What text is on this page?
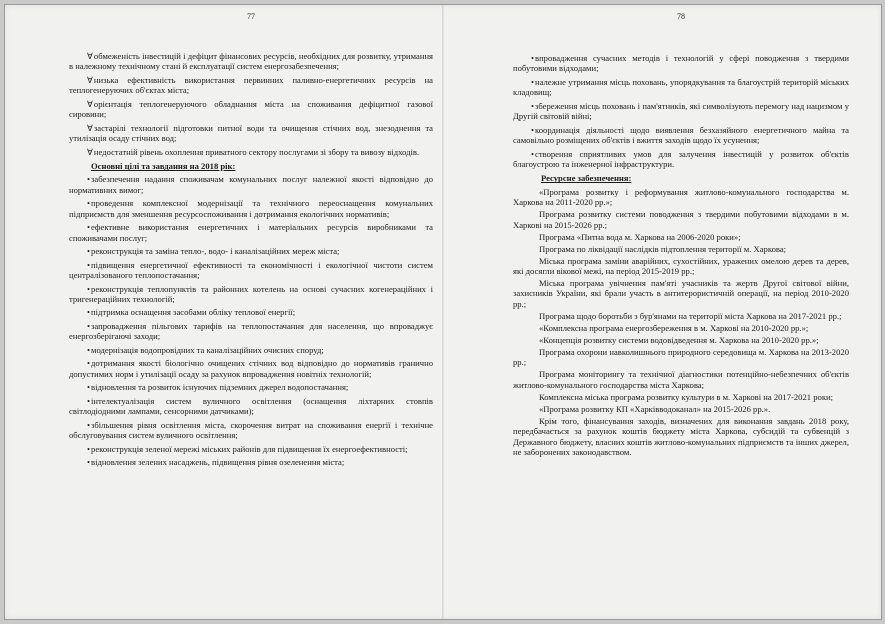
77

∀обмеженість інвестицій і дефіцит фінансових ресурсів, необхідних для розвитку, утримання в належному технічному стані й експлуатації систем енергозабезпечення;

∀низька ефективність використання первинних паливно-енергетичних ресурсів на теплогенеруючих об'єктах міста;

∀орієнтація теплогенеруючого обладнання міста на споживання дефіцитної газової сировини;

∀застарілі технології підготовки питної води та очищення стічних вод, знезоднення та утилізація осаду стічних вод;

∀недостатній рівень охоплення приватного сектору послугами зі збору та вивозу відходів.

Основні цілі та завдання на 2018 рік:

•забезпечення надання споживачам комунальних послуг належної якості відповідно до нормативних вимог;

•проведення комплексної модернізації та технічного переоснащення комунальних підприємств для зменшення ресурсоспоживання і дотримання екологічних нормативів;

•ефективне використання енергетичних і матеріальних ресурсів виробниками та споживачами послуг;

•реконструкція та заміна тепло-, водо- і каналізаційних мереж міста;

•підвищення енергетичної ефективності та економічності і екологічної чистоти систем централізованого теплопостачання;

•реконструкція теплопунктів та районних котелень на основі сучасних когенераційних і тригенераційних технологій;

•підтримка оснащення засобами обліку теплової енергії;

•запровадження пільгових тарифів на теплопостачання для населення, що впроваджує енергозберігаючі заходи;

•модернізація водопровідних та каналізаційних очисних споруд;

•дотримання якості біологічно очищених стічних вод відповідно до нормативів гранично допустимих норм і утилізації осаду за рахунок впровадження новітніх технологій;

•відновлення та розвиток існуючих підземних джерел водопостачання;

•інтелектуалізація систем вуличного освітлення (оснащення ліхтарних стовпів світлодіодними лампами, сенсорними датчиками);

•збільшення рівня освітлення міста, скорочення витрат на споживання енергії і технічне обслуговування систем вуличного освітлення;

•реконструкція зеленої мережі міських районів для підвищення їх енергоефективності;

•відновлення зелених насаджень, підвищення рівня озеленення міста;

78

•впровадження сучасних методів і технологій у сфері поводження з твердими побутовими відходами;

•належне утримання місць поховань, упорядкування та благоустрій територій міських кладовищ;

•збереження місць поховань і пам'ятників, які символізують перемогу над нацизмом у Другій світовій війні;

•координація діяльності щодо виявлення безхазяйного енергетичного майна та самовільно розміщених об'єктів і вжиття заходів щодо їх усунення;

•створення сприятливих умов для залучення інвестицій у розвиток об'єктів благоустрою та інженерної інфраструктури.

Ресурсне забезпечення:

«Програма розвитку і реформування житлово-комунального господарства м. Харкова на 2011-2020 рр.»;

Програма розвитку системи поводження з твердими побутовими відходами в м. Харкові на 2015-2026 рр.;

Програма «Питна вода м. Харкова на 2006-2020 роки»;

Програма по ліквідації наслідків підтоплення території м. Харкова;

Міська програма заміни аварійних, сухостійних, уражених омелою дерев та дерев, які досягли вікової межі, на період 2015-2019 рр.;

Міська програма увічнення пам'яті учасників та жертв Другої світової війни, захисників України, які брали участь в антитерористичній операції, на період 2010-2020 рр.;

Програма щодо боротьби з бур'янами на території міста Харкова на 2017-2021 рр.;

«Комплексна програма енергозбереження в м. Харкові на 2010-2020 рр.»;

«Концепція розвитку системи водовідведення м. Харкова на 2010-2020 рр.»;

Програма охорони навколишнього природного середовища м. Харкова на 2013-2020 рр.;

Програма моніторингу та технічної діагностики потенційно-небезпечних об'єктів житлово-комунального господарства міста Харкова;

Комплексна міська програма розвитку культури в м. Харкові на 2017-2021 роки;

«Програма розвитку КП «Харківводоканал» на 2015-2026 рр.».

Крім того, фінансування заходів, визначених для виконання завдань 2018 року, передбачається за рахунок коштів бюджету міста Харкова, субсидій та субвенцій з Державного бюджету, власних коштів житлово-комунальних підприємств та інших джерел, не заборонених законодавством.
